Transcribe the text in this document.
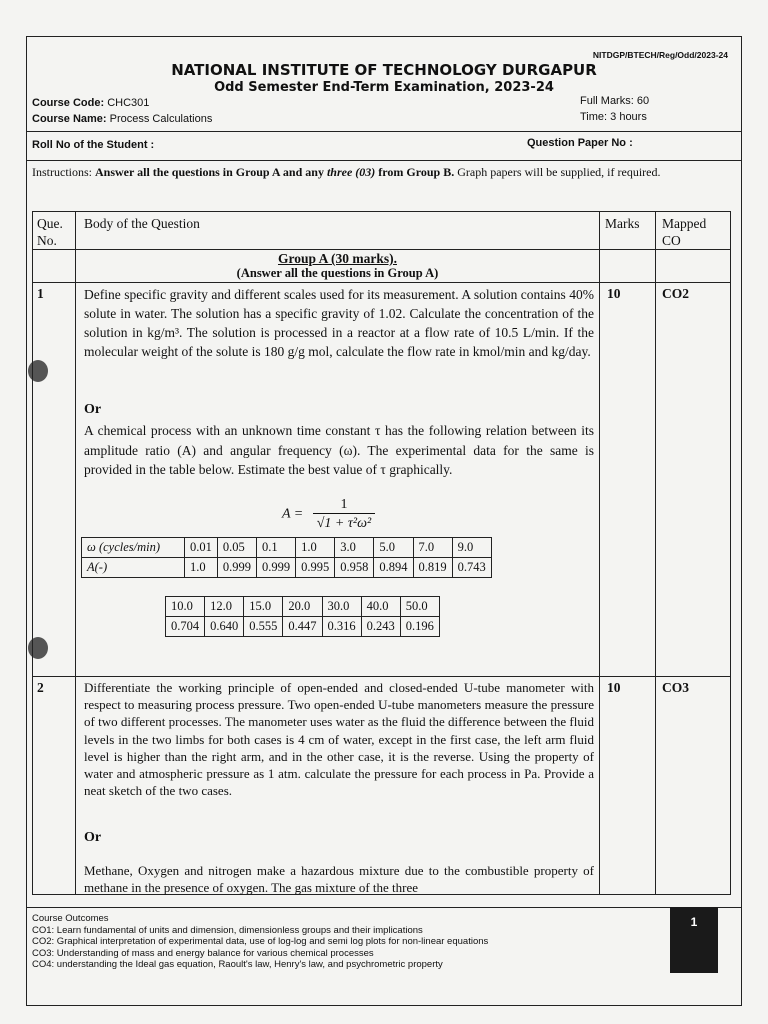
NITDGP/BTECH/Reg/Odd/2023-24
NATIONAL INSTITUTE OF TECHNOLOGY DURGAPUR
Odd Semester End-Term Examination, 2023-24
Course Code: CHC301
Course Name: Process Calculations
Full Marks: 60
Time: 3 hours
Roll No of the Student :	Question Paper No :
Instructions: Answer all the questions in Group A and any three (03) from Group B. Graph papers will be supplied, if required.
Que. No.
Body of the Question	Marks Mapped CO
Group A (30 marks).
(Answer all the questions in Group A)
1	10	CO2
Define specific gravity and different scales used for its measurement. A solution contains 40% solute in water. The solution has a specific gravity of 1.02. Calculate the concentration of the solution in kg/m³. The solution is processed in a reactor at a flow rate of 10.5 L/min. If the molecular weight of the solute is 180 g/g mol, calculate the flow rate in kmol/min and kg/day.
Or
A chemical process with an unknown time constant τ has the following relation between its amplitude ratio (A) and angular frequency (ω). The experimental data for the same is provided in the table below. Estimate the best value of τ graphically.
$A = \frac{1}{\text{√1 + τ²ω²}}$
ω (cycles/min)	0.01	0.05	0.1	1.0	3.0	5.0	7.0	9.0
A(-)	1.0	0.999	0.999	0.995	0.958	0.894	0.819	0.743
10.0	12.0	15.0	20.0	30.0	40.0	50.0
0.704	0.640	0.555	0.447	0.316	0.243	0.196
2	10	CO3
Differentiate the working principle of open-ended and closed-ended U-tube manometer with respect to measuring process pressure. Two open-ended U-tube manometers measure the pressure of two different processes. The manometer uses water as the fluid the difference between the fluid levels in the two limbs for both cases is 4 cm of water, except in the first case, the left arm fluid level is higher than the right arm, and in the other case, it is the reverse. Using the property of water and atmospheric pressure as 1 atm. calculate the pressure for each process in Pa. Provide a neat sketch of the two cases.
Or
Methane, Oxygen and nitrogen make a hazardous mixture due to the combustible property of methane in the presence of oxygen. The gas mixture of the three
Course Outcomes
CO1: Learn fundamental of units and dimension, dimensionless groups and their implications
CO2: Graphical interpretation of experimental data, use of log-log and semi log plots for non-linear equations
CO3: Understanding of mass and energy balance for various chemical processes
CO4: understanding the Ideal gas equation, Raoult's law, Henry's law, and psychrometric property
1
